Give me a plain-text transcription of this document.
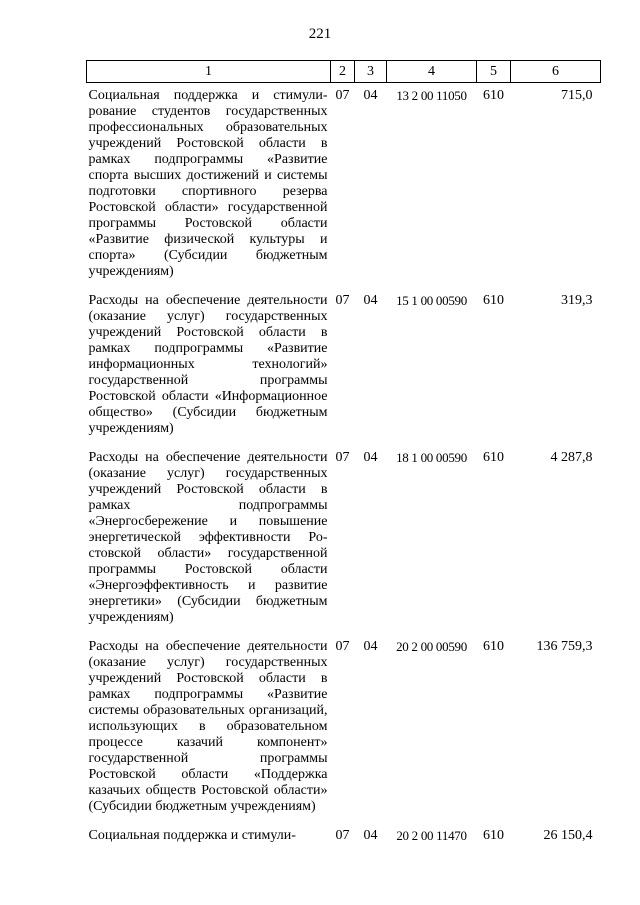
221
1	2	3	4	5	6
Социальная поддержка и стимулирование студентов государственных профессиональных образовательных учреждений Ростовской области в рамках подпрограммы «Развитие спорта высших достижений и системы подготовки спортивного резерва Ростовской области» государственной программы Ростовской области «Развитие физической культуры и спорта» (Субсидии бюджетным учреждениям)	07	04	13 2 00 11050	610	715,0
Расходы на обеспечение деятельности (оказание услуг) государственных учреждений Ростовской области в рамках подпрограммы «Развитие информационных технологий» государственной программы Ростовской области «Информационное общество» (Субсидии бюджетным учреждениям)	07	04	15 1 00 00590	610	319,3
Расходы на обеспечение деятельности (оказание услуг) государственных учреждений Ростовской области в рамках подпрограммы «Энергосбережение и повышение энергетической эффективности Ростовской области» государственной программы Ростовской области «Энергоэффективность и развитие энергетики» (Субсидии бюджетным учреждениям)	07	04	18 1 00 00590	610	4 287,8
Расходы на обеспечение деятельности (оказание услуг) государственных учреждений Ростовской области в рамках подпрограммы «Развитие системы образовательных организаций, использующих в образовательном процессе казачий компонент» государственной программы Ростовской области «Поддержка казачьих обществ Ростовской области» (Субсидии бюджетным учреждениям)	07	04	20 2 00 00590	610	136 759,3
Социальная поддержка и стимули-	07	04	20 2 00 11470	610	26 150,4
